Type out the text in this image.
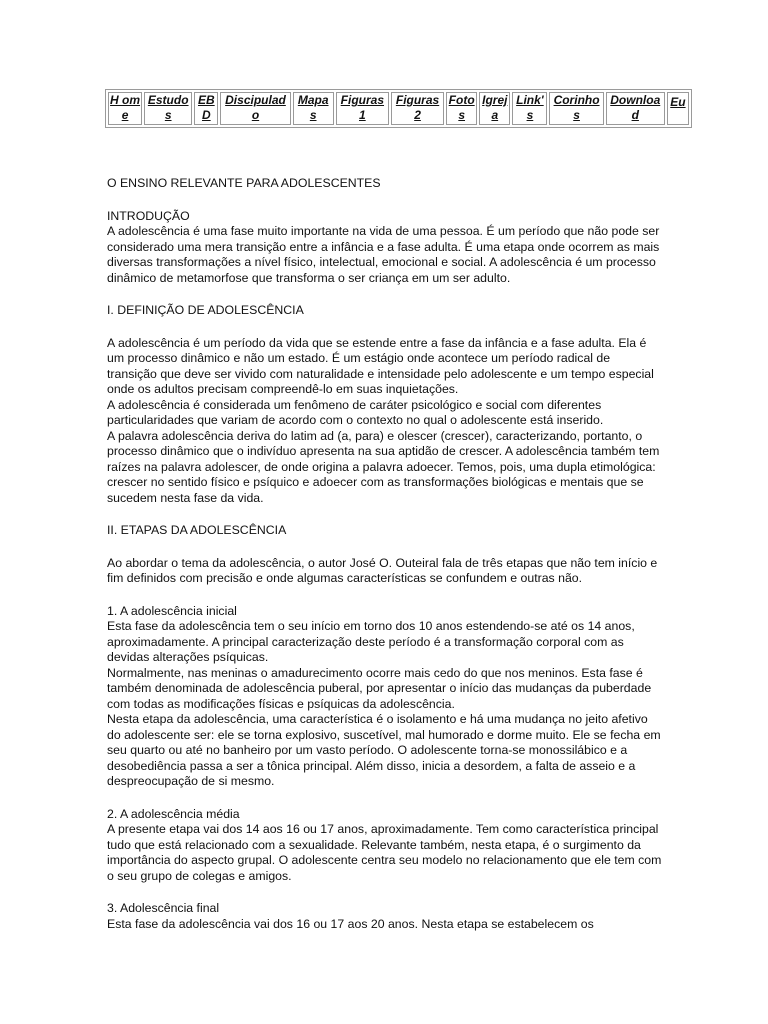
H ome	Estudo s	EB D	Discipulad o	Mapa s	Figuras 1	Figuras 2	Foto s	Igrej a	Link' s	Corinho s	Downloa d	Eu

O ENSINO RELEVANTE PARA ADOLESCENTES

INTRODUÇÃO
A adolescência é uma fase muito importante na vida de uma pessoa. É um período que não pode ser considerado uma mera transição entre a infância e a fase adulta. É uma etapa onde ocorrem as mais diversas transformações a nível físico, intelectual, emocional e social. A adolescência é um processo dinâmico de metamorfose que transforma o ser criança em um ser adulto.

I. DEFINIÇÃO DE ADOLESCÊNCIA

A adolescência é um período da vida que se estende entre a fase da infância e a fase adulta. Ela é um processo dinâmico e não um estado. É um estágio onde acontece um período radical de transição que deve ser vivido com naturalidade e intensidade pelo adolescente e um tempo especial onde os adultos precisam compreendê-lo em suas inquietações.
A adolescência é considerada um fenômeno de caráter psicológico e social com diferentes particularidades que variam de acordo com o contexto no qual o adolescente está inserido.
A palavra adolescência deriva do latim ad (a, para) e olescer (crescer), caracterizando, portanto, o processo dinâmico que o indivíduo apresenta na sua aptidão de crescer. A adolescência também tem raízes na palavra adolescer, de onde origina a palavra adoecer. Temos, pois, uma dupla etimológica: crescer no sentido físico e psíquico e adoecer com as transformações biológicas e mentais que se sucedem nesta fase da vida.

II. ETAPAS DA ADOLESCÊNCIA

Ao abordar o tema da adolescência, o autor José O. Outeiral fala de três etapas que não tem início e fim definidos com precisão e onde algumas características se confundem e outras não.

1. A adolescência inicial
Esta fase da adolescência tem o seu início em torno dos 10 anos estendendo-se até os 14 anos, aproximadamente. A principal caracterização deste período é a transformação corporal com as devidas alterações psíquicas.
Normalmente, nas meninas o amadurecimento ocorre mais cedo do que nos meninos. Esta fase é também denominada de adolescência puberal, por apresentar o início das mudanças da puberdade com todas as modificações físicas e psíquicas da adolescência.
Nesta etapa da adolescência, uma característica é o isolamento e há uma mudança no jeito afetivo do adolescente ser: ele se torna explosivo, suscetível, mal humorado e dorme muito. Ele se fecha em seu quarto ou até no banheiro por um vasto período. O adolescente torna-se monossilábico e a desobediência passa a ser a tônica principal. Além disso, inicia a desordem, a falta de asseio e a despreocupação de si mesmo.

2. A adolescência média
A presente etapa vai dos 14 aos 16 ou 17 anos, aproximadamente. Tem como característica principal tudo que está relacionado com a sexualidade. Relevante também, nesta etapa, é o surgimento da importância do aspecto grupal. O adolescente centra seu modelo no relacionamento que ele tem com o seu grupo de colegas e amigos.

3. Adolescência final
Esta fase da adolescência vai dos 16 ou 17 aos 20 anos. Nesta etapa se estabelecem os
